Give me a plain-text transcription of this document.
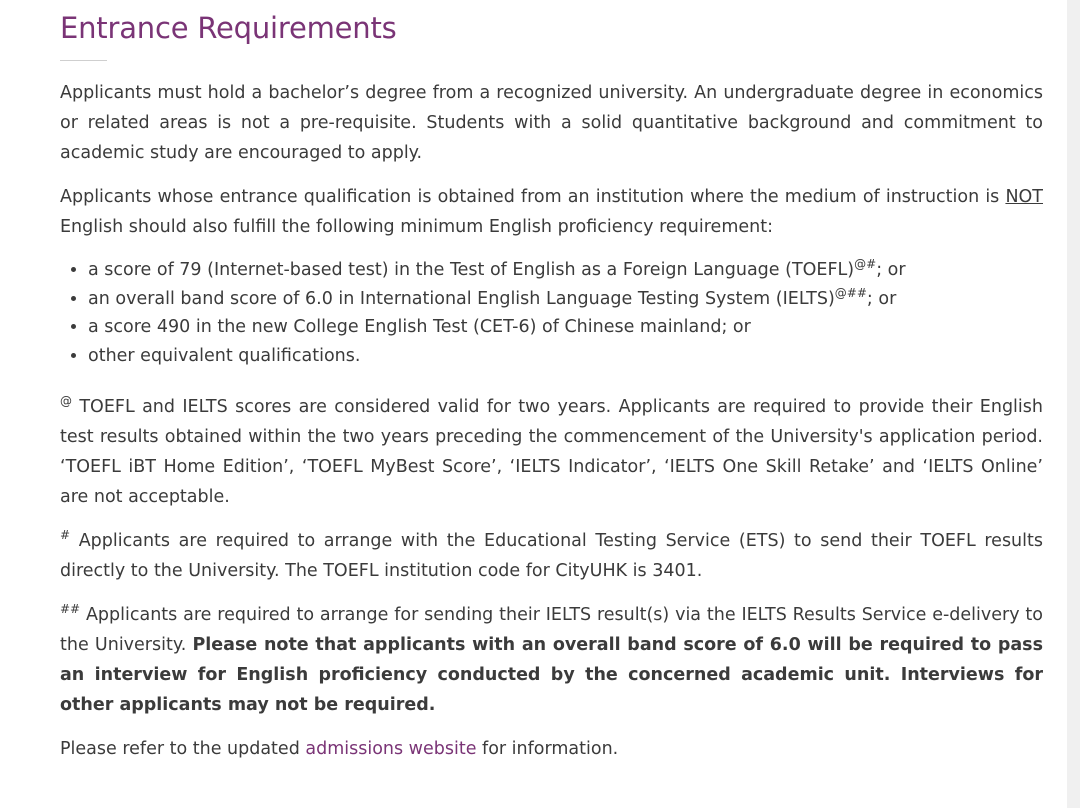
Entrance Requirements

Applicants must hold a bachelor’s degree from a recognized university. An undergraduate degree in economics or related areas is not a pre-requisite. Students with a solid quantitative background and commitment to academic study are encouraged to apply.

Applicants whose entrance qualification is obtained from an institution where the medium of instruction is NOT English should also fulfill the following minimum English proficiency requirement:

• a score of 79 (Internet-based test) in the Test of English as a Foreign Language (TOEFL)@#; or
• an overall band score of 6.0 in International English Language Testing System (IELTS)@##; or
• a score 490 in the new College English Test (CET-6) of Chinese mainland; or
• other equivalent qualifications.

@ TOEFL and IELTS scores are considered valid for two years. Applicants are required to provide their English test results obtained within the two years preceding the commencement of the University's application period. ‘TOEFL iBT Home Edition’, ‘TOEFL MyBest Score’, ‘IELTS Indicator’, ‘IELTS One Skill Retake’ and ‘IELTS Online’ are not acceptable.

# Applicants are required to arrange with the Educational Testing Service (ETS) to send their TOEFL results directly to the University. The TOEFL institution code for CityUHK is 3401.

## Applicants are required to arrange for sending their IELTS result(s) via the IELTS Results Service e-delivery to the University. Please note that applicants with an overall band score of 6.0 will be required to pass an interview for English proficiency conducted by the concerned academic unit. Interviews for other applicants may not be required.

Please refer to the updated admissions website for information.
